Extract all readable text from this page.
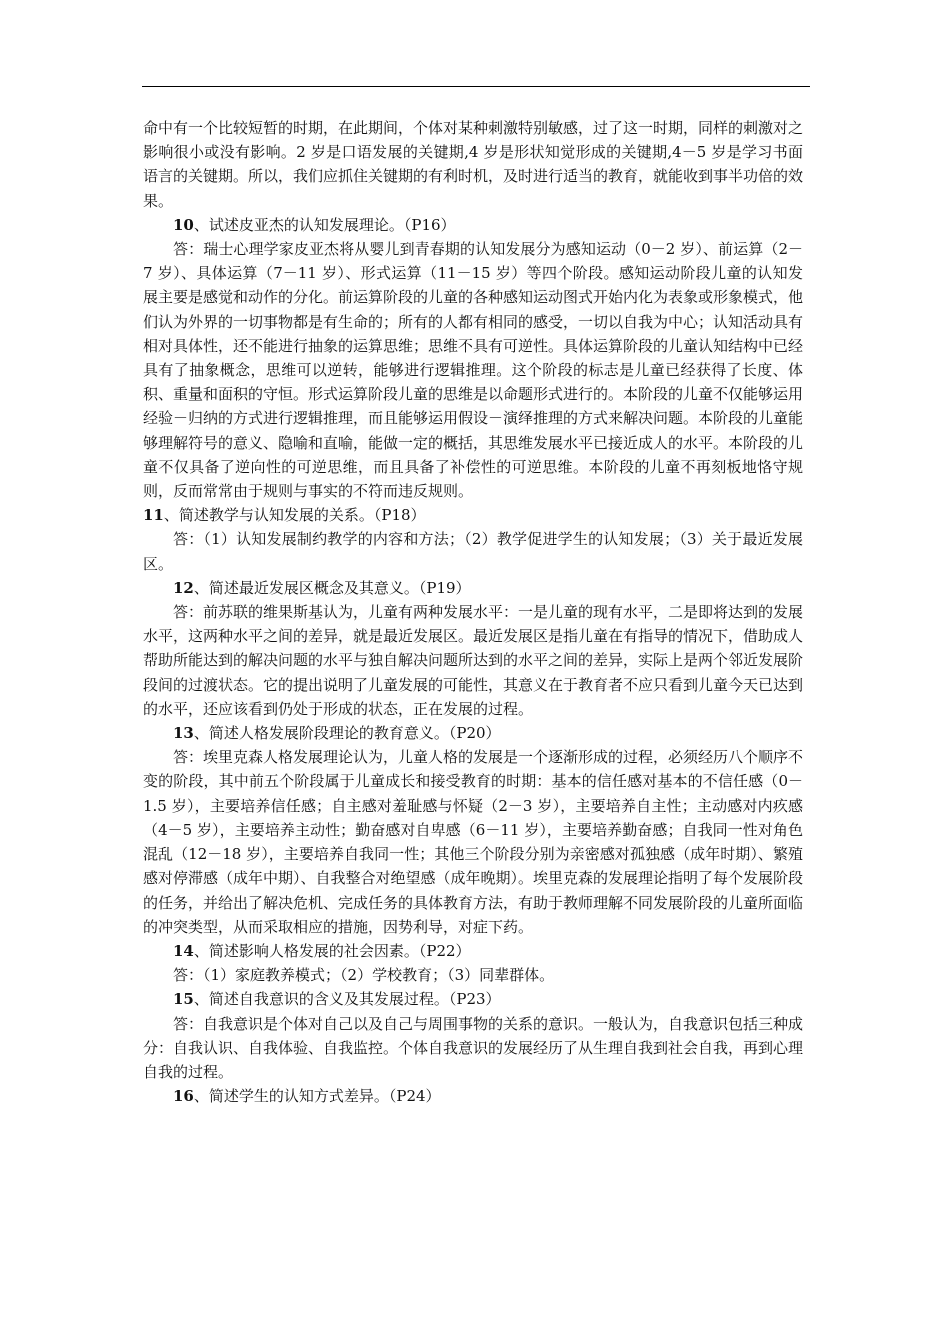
命中有一个比较短暂的时期，在此期间，个体对某种刺激特别敏感，过了这一时期，同样的刺激对之影响很小或没有影响。2 岁是口语发展的关键期,4 岁是形状知觉形成的关键期,4－5 岁是学习书面语言的关键期。所以，我们应抓住关键期的有利时机，及时进行适当的教育，就能收到事半功倍的效果。

10、试述皮亚杰的认知发展理论。（P16）

答：瑞士心理学家皮亚杰将从婴儿到青春期的认知发展分为感知运动（0－2 岁）、前运算（2－7 岁）、具体运算（7－11 岁）、形式运算（11－15 岁）等四个阶段。感知运动阶段儿童的认知发展主要是感觉和动作的分化。前运算阶段的儿童的各种感知运动图式开始内化为表象或形象模式，他们认为外界的一切事物都是有生命的；所有的人都有相同的感受，一切以自我为中心；认知活动具有相对具体性，还不能进行抽象的运算思维；思维不具有可逆性。具体运算阶段的儿童认知结构中已经具有了抽象概念，思维可以逆转，能够进行逻辑推理。这个阶段的标志是儿童已经获得了长度、体积、重量和面积的守恒。形式运算阶段儿童的思维是以命题形式进行的。本阶段的儿童不仅能够运用经验－归纳的方式进行逻辑推理，而且能够运用假设－演绎推理的方式来解决问题。本阶段的儿童能够理解符号的意义、隐喻和直喻，能做一定的概括，其思维发展水平已接近成人的水平。本阶段的儿童不仅具备了逆向性的可逆思维，而且具备了补偿性的可逆思维。本阶段的儿童不再刻板地恪守规则，反而常常由于规则与事实的不符而违反规则。

11、简述教学与认知发展的关系。（P18）

答：（1）认知发展制约教学的内容和方法；（2）教学促进学生的认知发展；（3）关于最近发展区。

12、简述最近发展区概念及其意义。（P19）

答：前苏联的维果斯基认为，儿童有两种发展水平：一是儿童的现有水平，二是即将达到的发展水平，这两种水平之间的差异，就是最近发展区。最近发展区是指儿童在有指导的情况下，借助成人帮助所能达到的解决问题的水平与独自解决问题所达到的水平之间的差异，实际上是两个邻近发展阶段间的过渡状态。它的提出说明了儿童发展的可能性，其意义在于教育者不应只看到儿童今天已达到的水平，还应该看到仍处于形成的状态，正在发展的过程。

13、简述人格发展阶段理论的教育意义。（P20）

答：埃里克森人格发展理论认为，儿童人格的发展是一个逐渐形成的过程，必须经历八个顺序不变的阶段，其中前五个阶段属于儿童成长和接受教育的时期：基本的信任感对基本的不信任感（0－1.5 岁），主要培养信任感；自主感对羞耻感与怀疑（2－3 岁），主要培养自主性；主动感对内疚感（4－5 岁），主要培养主动性；勤奋感对自卑感（6－11 岁），主要培养勤奋感；自我同一性对角色混乱（12－18 岁），主要培养自我同一性；其他三个阶段分别为亲密感对孤独感（成年时期）、繁殖感对停滞感（成年中期）、自我整合对绝望感（成年晚期）。埃里克森的发展理论指明了每个发展阶段的任务，并给出了解决危机、完成任务的具体教育方法，有助于教师理解不同发展阶段的儿童所面临的冲突类型，从而采取相应的措施，因势利导，对症下药。

14、简述影响人格发展的社会因素。（P22）

答：（1）家庭教养模式；（2）学校教育；（3）同辈群体。

15、简述自我意识的含义及其发展过程。（P23）

答：自我意识是个体对自己以及自己与周围事物的关系的意识。一般认为，自我意识包括三种成分：自我认识、自我体验、自我监控。个体自我意识的发展经历了从生理自我到社会自我，再到心理自我的过程。

16、简述学生的认知方式差异。（P24）
